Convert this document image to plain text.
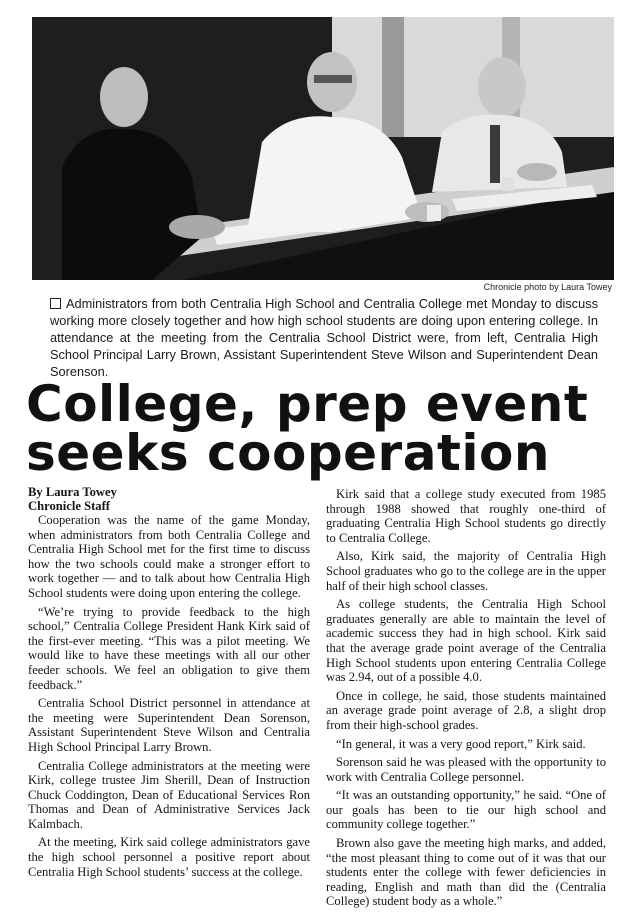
Chronicle photo by Laura Towey
Administrators from both Centralia High School and Centralia College met Monday to discuss working more closely together and how high school students are doing upon entering college. In attendance at the meeting from the Centralia School District were, from left, Centralia High School Principal Larry Brown, Assistant Superintendent Steve Wilson and Superintendent Dean Sorenson.
College, prep event
seeks cooperation
By Laura Towey
Chronicle Staff

Cooperation was the name of the game Monday, when administrators from both Centralia College and Centralia High School met for the first time to discuss how the two schools could make a stronger effort to work together — and to talk about how Centralia High School students were doing upon entering the college.

“We’re trying to provide feedback to the high school,” Centralia College President Hank Kirk said of the first-ever meeting. “This was a pilot meeting. We would like to have these meetings with all our other feeder schools. We feel an obligation to give them feedback.”

Centralia School District personnel in attendance at the meeting were Superintendent Dean Sorenson, Assistant Superintendent Steve Wilson and Centralia High School Principal Larry Brown.

Centralia College administrators at the meeting were Kirk, college trustee Jim Sherill, Dean of Instruction Chuck Coddington, Dean of Educational Services Ron Thomas and Dean of Administrative Services Jack Kalmbach.

At the meeting, Kirk said college administrators gave the high school personnel a positive report about Centralia High School students’ success at the college.

Kirk said that a college study executed from 1985 through 1988 showed that roughly one-third of graduating Centralia High School students go directly to Centralia College.

Also, Kirk said, the majority of Centralia High School graduates who go to the college are in the upper half of their high school classes.

As college students, the Centralia High School graduates generally are able to maintain the level of academic success they had in high school. Kirk said that the average grade point average of the Centralia High School students upon entering Centralia College was 2.94, out of a possible 4.0.

Once in college, he said, those students maintained an average grade point average of 2.8, a slight drop from their high-school grades.

“In general, it was a very good report,” Kirk said.

Sorenson said he was pleased with the opportunity to work with Centralia College personnel.

“It was an outstanding opportunity,” he said. “One of our goals has been to tie our high school and community college together.”

Brown also gave the meeting high marks, and added, “the most pleasant thing to come out of it was that our students enter the college with fewer deficiencies in reading, English and math than did the (Centralia College) student body as a whole.”
